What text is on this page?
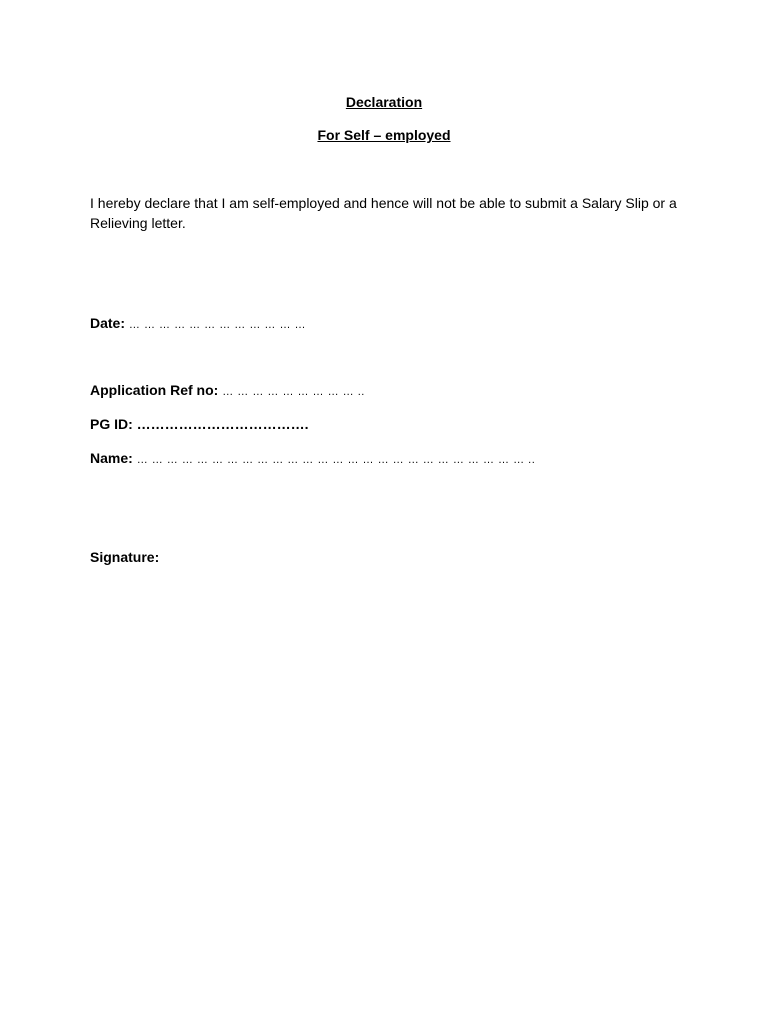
Declaration
For Self – employed
I hereby declare that I am self-employed and hence will not be able to submit a Salary Slip or a Relieving letter.
Date: … … … … … … … … … … … …
Application Ref no: … … … … … … … … … ..
PG ID: ……………………………….
Name: … … … … … … … … … … … … … … … … … … … … … … … … … … ..
Signature:
